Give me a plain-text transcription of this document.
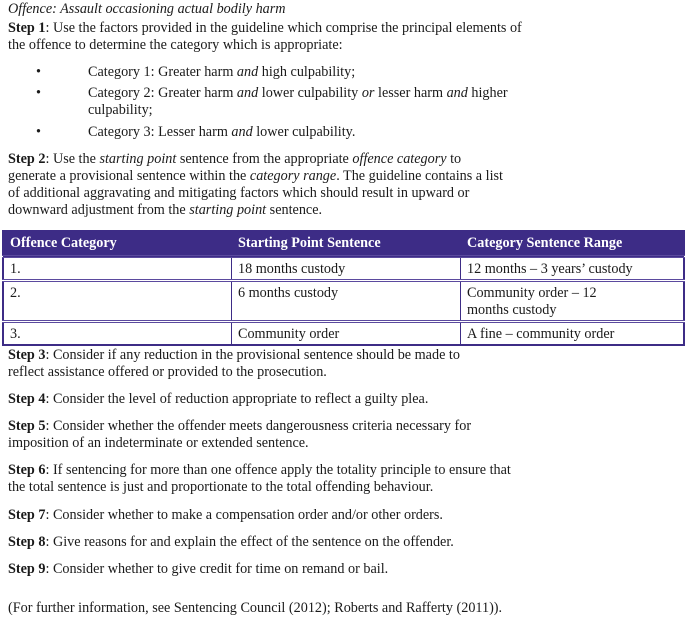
Offence: Assault occasioning actual bodily harm
Step 1: Use the factors provided in the guideline which comprise the principal elements of the offence to determine the category which is appropriate:
•	Category 1: Greater harm and high culpability;
•	Category 2: Greater harm and lower culpability or lesser harm and higher culpability;
•	Category 3: Lesser harm and lower culpability.
Step 2: Use the starting point sentence from the appropriate offence category to generate a provisional sentence within the category range. The guideline contains a list of additional aggravating and mitigating factors which should result in upward or downward adjustment from the starting point sentence.
Offence Category	Starting Point Sentence	Category Sentence Range
1.	18 months custody	12 months – 3 years’ custody
2.	6 months custody	Community order – 12 months custody
3.	Community order	A fine – community order
Step 3: Consider if any reduction in the provisional sentence should be made to reflect assistance offered or provided to the prosecution.
Step 4: Consider the level of reduction appropriate to reflect a guilty plea.
Step 5: Consider whether the offender meets dangerousness criteria necessary for imposition of an indeterminate or extended sentence.
Step 6: If sentencing for more than one offence apply the totality principle to ensure that the total sentence is just and proportionate to the total offending behaviour.
Step 7: Consider whether to make a compensation order and/or other orders.
Step 8: Give reasons for and explain the effect of the sentence on the offender.
Step 9: Consider whether to give credit for time on remand or bail.
(For further information, see Sentencing Council (2012); Roberts and Rafferty (2011)).
